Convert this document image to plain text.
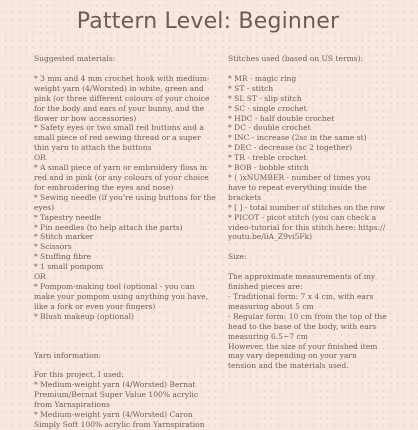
Pattern Level: Beginner
Suggested materials:
* 3 mm and 4 mm crochet hook with medium-
weight yarn (4/Worsted) in white, green and
pink (or three different colours of your choice
for the body and ears of your bunny, and the
flower or bow accessories)
* Safety eyes or two small red buttons and a
small piece of red sewing thread or a super
thin yarn to attach the buttons
OR
* A small piece of yarn or embroidery floss in
red and in pink (or any colours of your choice
for embroidering the eyes and nose)
* Sewing needle (if you're using buttons for the
eyes)
* Tapestry needle
* Pin needles (to help attach the parts)
* Stitch marker
* Scissors
* Stuffing fibre
* 1 small pompom
OR
* Pompom-making tool (optional - you can
make your pompom using anything you have,
like a fork or even your fingers)
* Blush makeup (optional)
Yarn information:
For this project, I used:
* Medium-weight yarn (4/Worsted) Bernat
Premium/Bernat Super Value 100% acrylic
from Yarnspirations
* Medium-weight yarn (4/Worsted) Caron
Simply Soft 100% acrylic from Yarnspiration
Stitches used (based on US terms):
* MR - magic ring
* ST - stitch
* SL ST - slip stitch
* SC - single crochet
* HDC - half double crochet
* DC - double crochet
* INC - increase (2sc in the same st)
* DEC - decrease (sc 2 together)
* TR - treble crochet
* BOB - bobble stitch
* ( )xNUMBER - number of times you
have to repeat everything inside the
brackets
* [ ] - total number of stitches on the row
* PICOT - picot stitch (you can check a
video-tutorial for this stitch here: https://
youtu.be/liA_Z9vi5Fk)
Size:
The approximate measurements of my
finished pieces are:
- Traditional form: 7 x 4 cm, with ears
measuring about 5 cm
- Regular form: 10 cm from the top of the
head to the base of the body, with ears
measuring 6.5~7 cm
However, the size of your finished item
may vary depending on your yarn
tension and the materials used.
